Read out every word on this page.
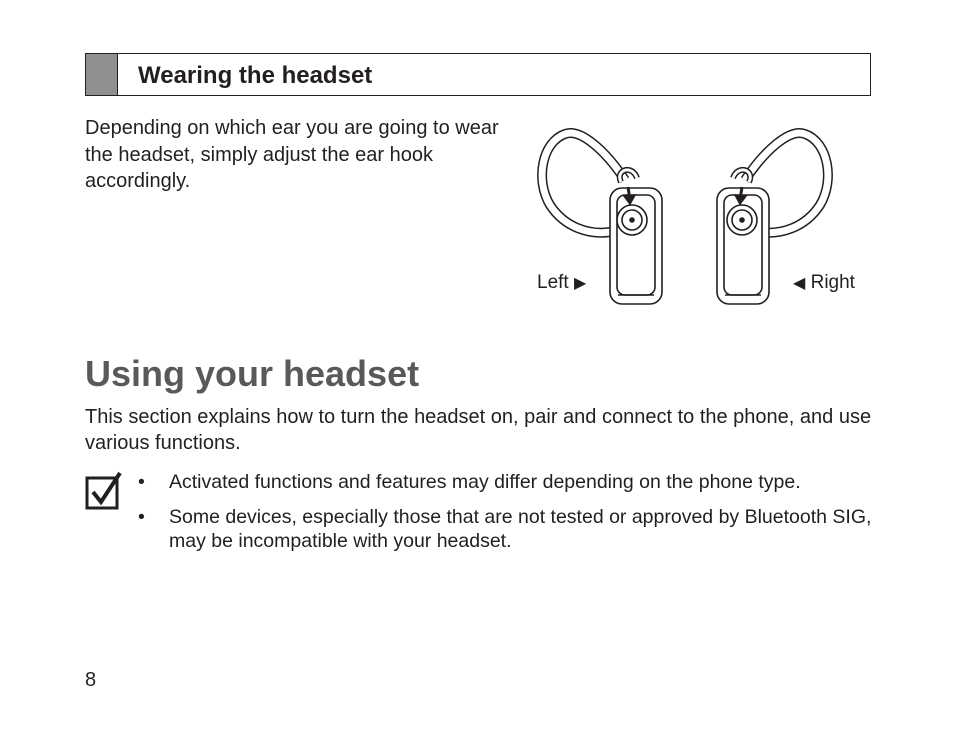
Wearing the headset
Depending on which ear you are going to wear the headset, simply adjust the ear hook accordingly.
Left ▶	◀ Right
Using your headset
This section explains how to turn the headset on, pair and connect to the phone, and use various functions.
• Activated functions and features may differ depending on the phone type.
• Some devices, especially those that are not tested or approved by Bluetooth SIG, may be incompatible with your headset.
8
